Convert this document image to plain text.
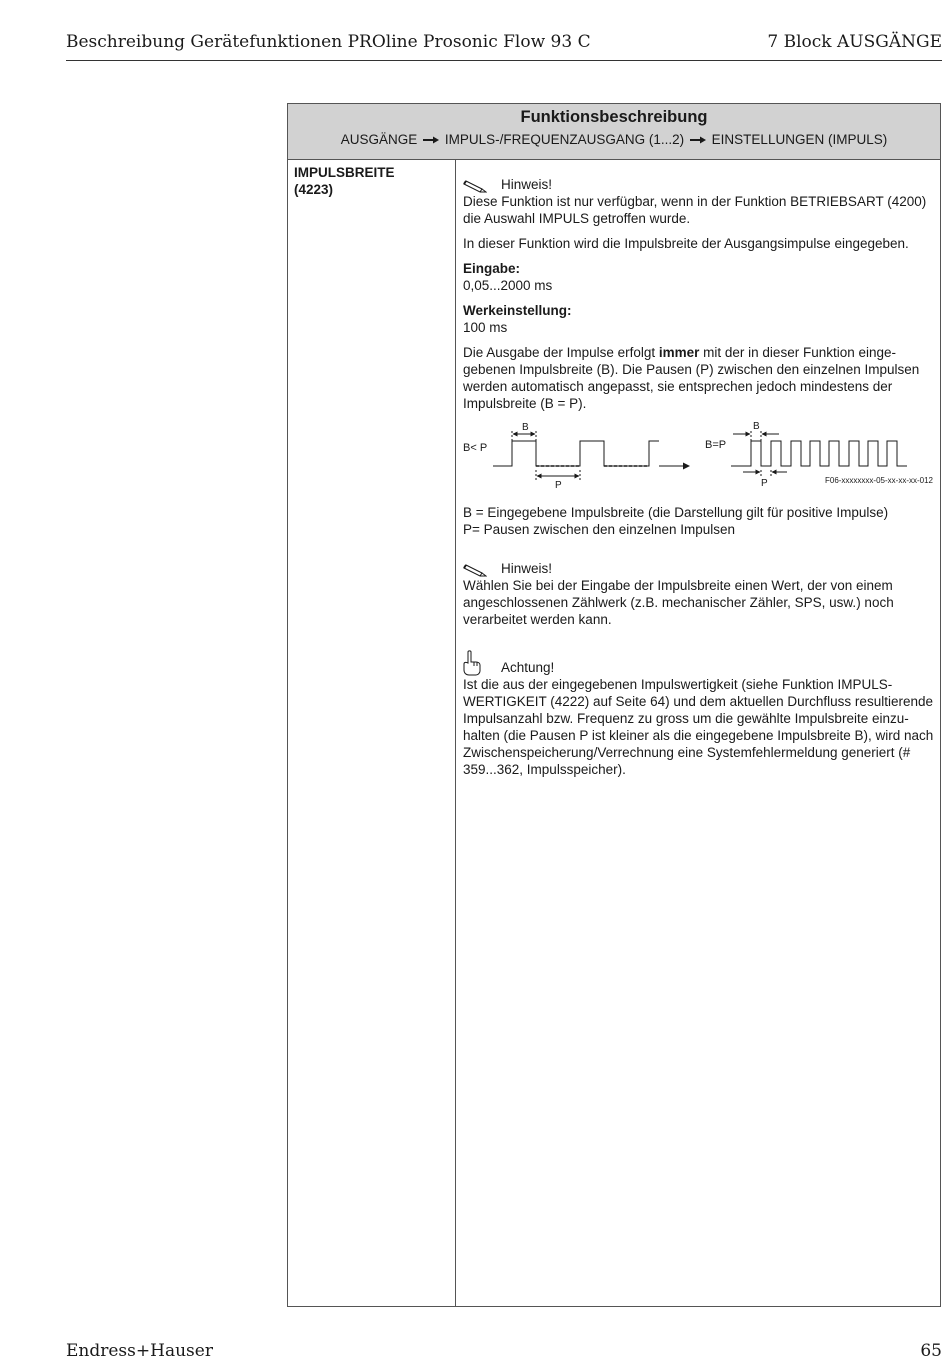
Beschreibung Gerätefunktionen PROline Prosonic Flow 93 C	7 Block AUSGÄNGE
Funktionsbeschreibung
AUSGÄNGE IMPULS-/FREQUENZAUSGANG (1...2) EINSTELLUNGEN (IMPULS)
IMPULSBREITE
(4223)	Hinweis!

Diese Funktion ist nur verfügbar, wenn in der Funktion BETRIEBSART (4200) die Auswahl IMPULS getroffen wurde.

In dieser Funktion wird die Impulsbreite der Ausgangsimpulse eingegeben.

Eingabe:

0,05...2000 ms

Werkeinstellung:

100 ms

Die Ausgabe der Impulse erfolgt immer mit der in dieser Funktion einge-gebenen Impulsbreite (B). Die Pausen (P) zwischen den einzelnen Impulsen werden automatisch angepasst, sie entsprechen jedoch mindestens der Impulsbreite (B = P).

B< P	B=P
B
P
B
P	F06-xxxxxxxx-05-xx-xx-xx-012

B = Eingegebene Impulsbreite (die Darstellung gilt für positive Impulse)

P= Pausen zwischen den einzelnen Impulsen

Hinweis!

Wählen Sie bei der Eingabe der Impulsbreite einen Wert, der von einem angeschlossenen Zählwerk (z.B. mechanischer Zähler, SPS, usw.) noch verarbeitet werden kann.

Achtung!

Ist die aus der eingegebenen Impulswertigkeit (siehe Funktion IMPULS-WERTIGKEIT (4222) auf Seite 64) und dem aktuellen Durchfluss resultierende Impulsanzahl bzw. Frequenz zu gross um die gewählte Impulsbreite einzu-halten (die Pausen P ist kleiner als die eingegebene Impulsbreite B), wird nach Zwischenspeicherung/Verrechnung eine Systemfehlermeldung generiert (# 359...362, Impulsspeicher).

Endress+Hauser	65
